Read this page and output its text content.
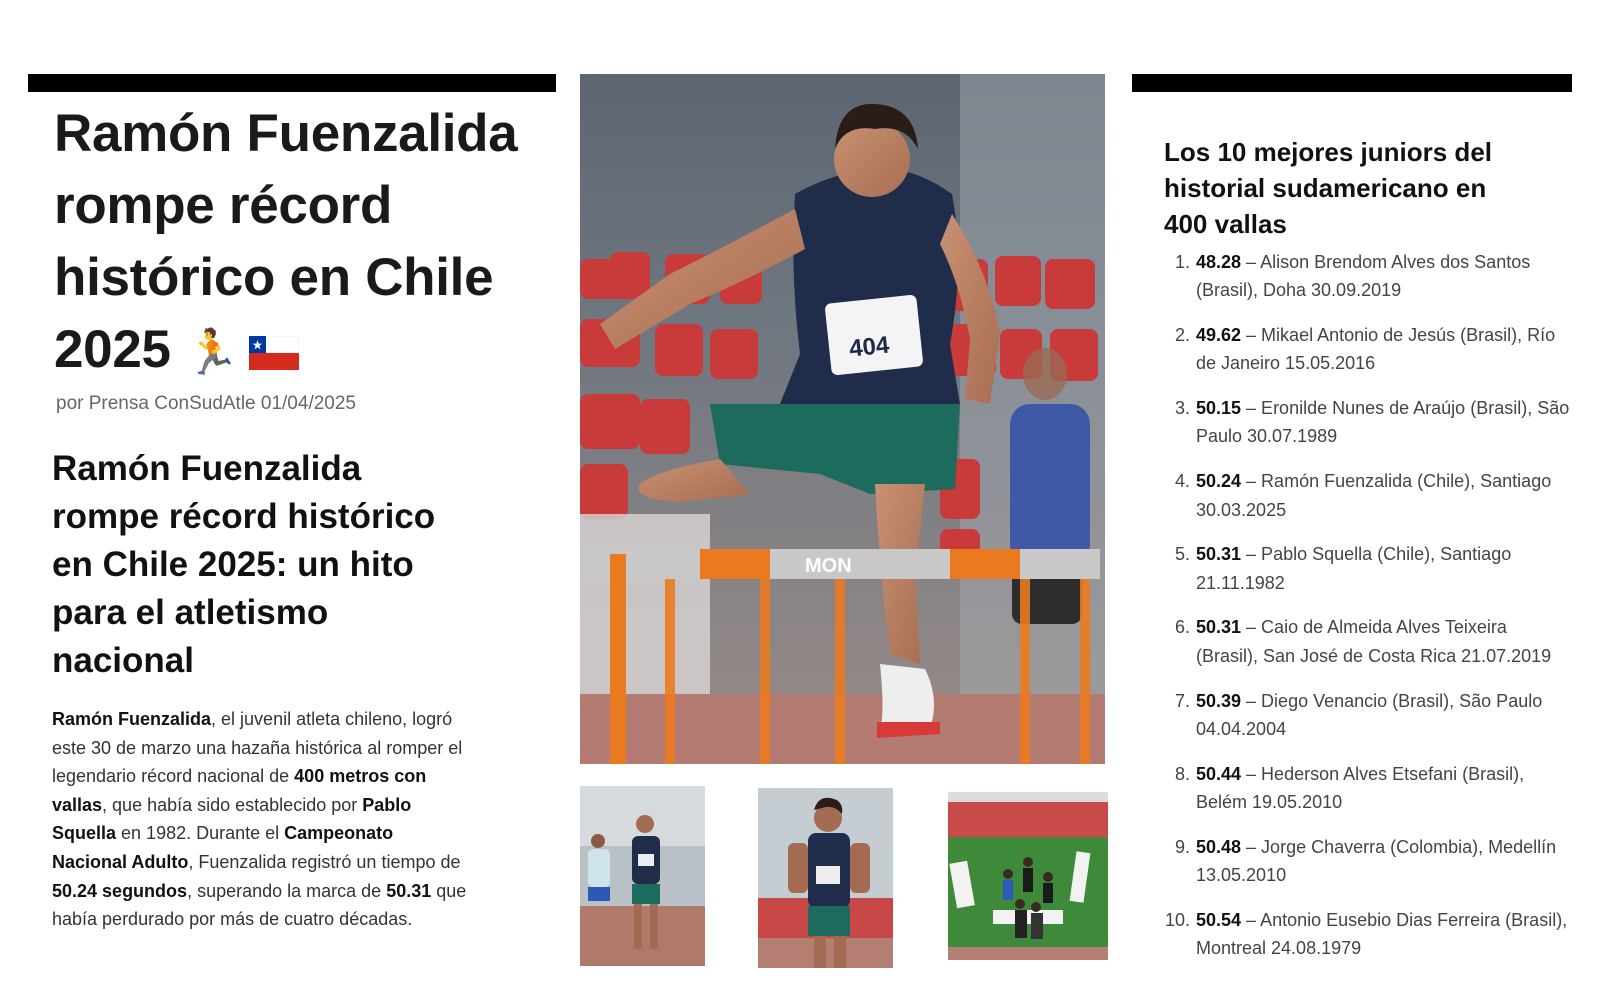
Ramón Fuenzalida
rompe récord
histórico en Chile
2025 🏃
por Prensa ConSudAtle 01/04/2025
Ramón Fuenzalida rompe récord histórico en Chile 2025: un hito para el atletismo nacional
Ramón Fuenzalida, el juvenil atleta chileno, logró este 30 de marzo una hazaña histórica al romper el legendario récord nacional de 400 metros con vallas, que había sido establecido por Pablo Squella en 1982. Durante el Campeonato Nacional Adulto, Fuenzalida registró un tiempo de 50.24 segundos, superando la marca de 50.31 que había perdurado por más de cuatro décadas.
404
MON
Los 10 mejores juniors del historial sudamericano en 400 vallas
1. 48.28 – Alison Brendom Alves dos Santos (Brasil), Doha 30.09.2019
2. 49.62 – Mikael Antonio de Jesús (Brasil), Río de Janeiro 15.05.2016
3. 50.15 – Eronilde Nunes de Araújo (Brasil), São Paulo 30.07.1989
4. 50.24 – Ramón Fuenzalida (Chile), Santiago 30.03.2025
5. 50.31 – Pablo Squella (Chile), Santiago 21.11.1982
6. 50.31 – Caio de Almeida Alves Teixeira (Brasil), San José de Costa Rica 21.07.2019
7. 50.39 – Diego Venancio (Brasil), São Paulo 04.04.2004
8. 50.44 – Hederson Alves Etsefani (Brasil), Belém 19.05.2010
9. 50.48 – Jorge Chaverra (Colombia), Medellín 13.05.2010
10. 50.54 – Antonio Eusebio Dias Ferreira (Brasil), Montreal 24.08.1979
